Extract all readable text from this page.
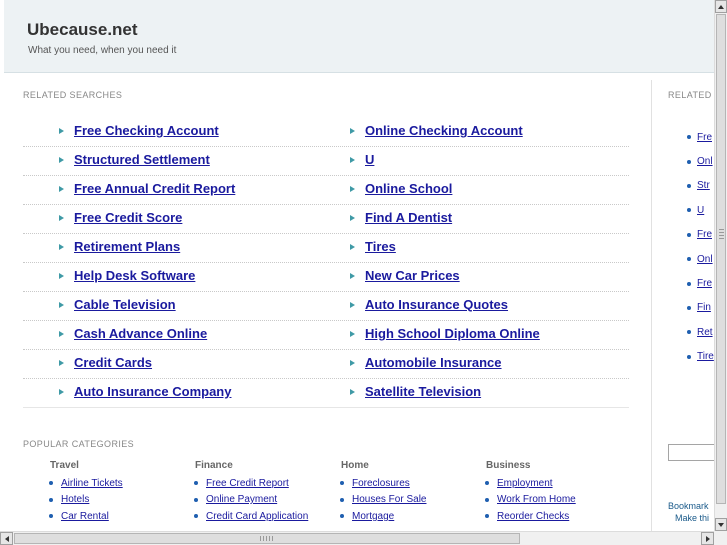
Ubecause.net
What you need, when you need it
RELATED SEARCHES
Free Checking Account	Online Checking Account
Structured Settlement	U
Free Annual Credit Report	Online School
Free Credit Score	Find A Dentist
Retirement Plans	Tires
Help Desk Software	New Car Prices
Cable Television	Auto Insurance Quotes
Cash Advance Online	High School Diploma Online
Credit Cards	Automobile Insurance
Auto Insurance Company	Satellite Television
POPULAR CATEGORIES
Travel
Airline Tickets
Hotels
Car Rental
Finance
Free Credit Report
Online Payment
Credit Card Application
Home
Foreclosures
Houses For Sale
Mortgage
Business
Employment
Work From Home
Reorder Checks
RELATED
Fre
Onl
Str
U
Fre
Onl
Fre
Fin
Ret
Tire
Bookmark
Make thi
